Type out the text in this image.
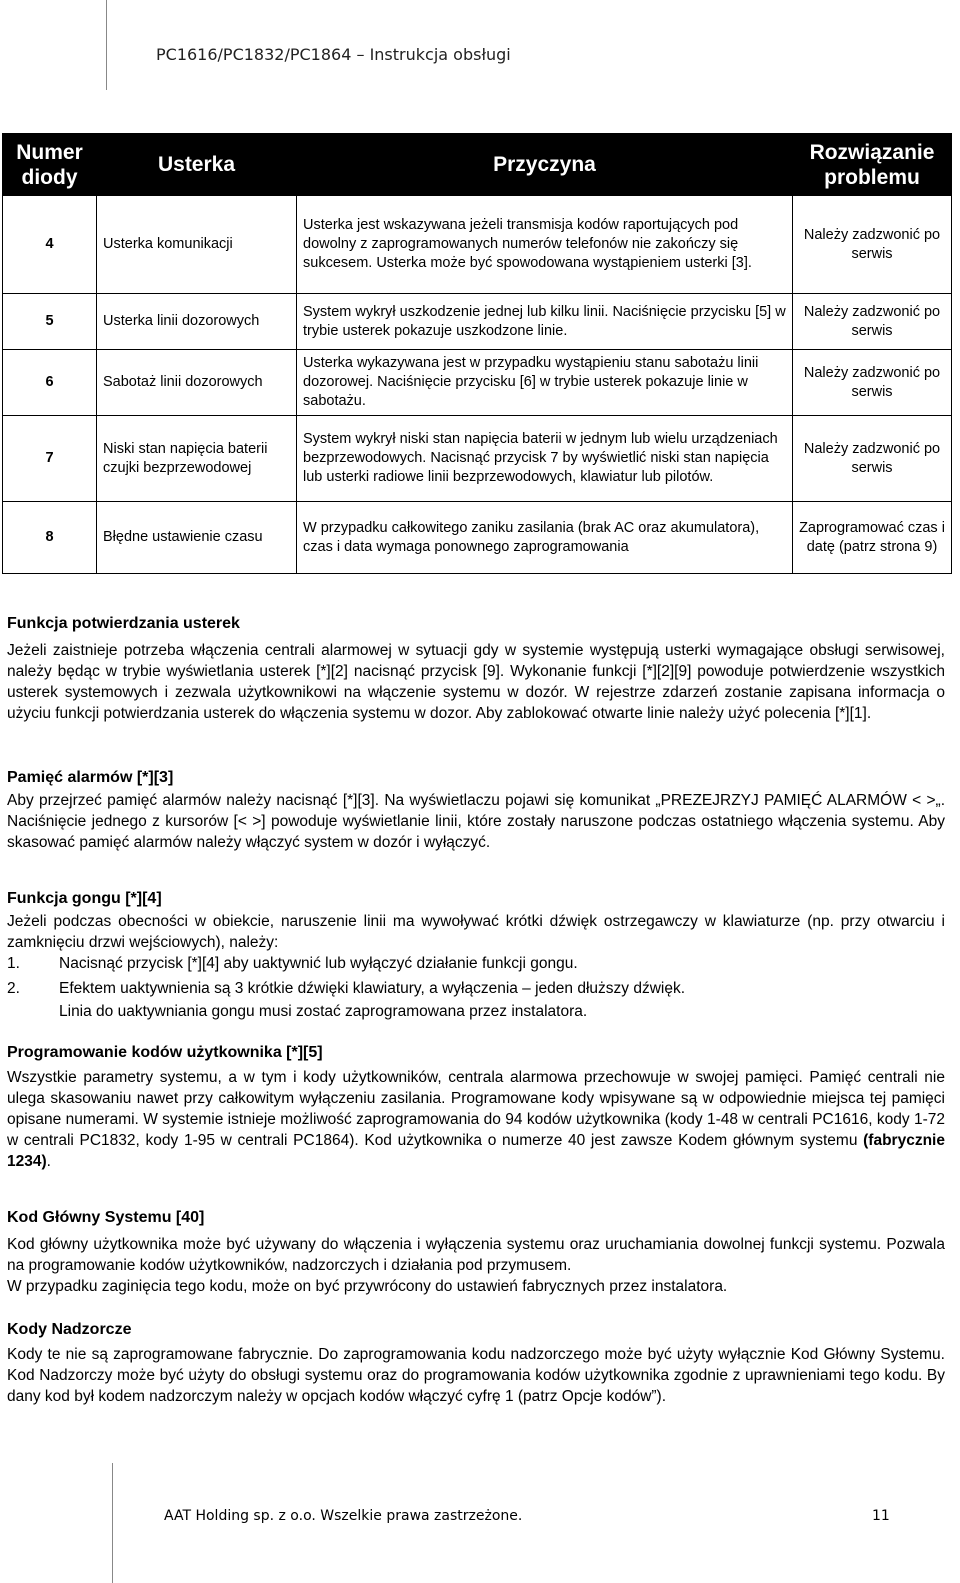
PC1616/PC1832/PC1864 – Instrukcja obsługi
Numer diody	Usterka	Przyczyna	Rozwiązanie problemu
4	Usterka komunikacji	Usterka jest wskazywana jeżeli transmisja kodów raportujących pod dowolny z zaprogramowanych numerów telefonów nie zakończy się sukcesem. Usterka może być spowodowana wystąpieniem usterki [3].	Należy zadzwonić po serwis
5	Usterka linii dozorowych	System wykrył uszkodzenie jednej lub kilku linii. Naciśnięcie przycisku [5] w trybie usterek pokazuje uszkodzone linie.	Należy zadzwonić po serwis
6	Sabotaż linii dozorowych	Usterka wykazywana jest w przypadku wystąpieniu stanu sabotażu linii dozorowej. Naciśnięcie przycisku [6] w trybie usterek pokazuje linie w sabotażu.	Należy zadzwonić po serwis
7	Niski stan napięcia baterii czujki bezprzewodowej	System wykrył niski stan napięcia baterii w jednym lub wielu urządzeniach bezprzewodowych. Nacisnąć przycisk 7 by wyświetlić niski stan napięcia lub usterki radiowe linii bezprzewodowych, klawiatur lub pilotów.	Należy zadzwonić po serwis
8	Błędne ustawienie czasu	W przypadku całkowitego zaniku zasilania (brak AC oraz akumulatora), czas i data wymaga ponownego zaprogramowania	Zaprogramować czas i datę (patrz strona 9)
Funkcja potwierdzania usterek

Jeżeli zaistnieje potrzeba włączenia centrali alarmowej w sytuacji gdy w systemie występują usterki wymagające obsługi serwisowej, należy będąc w trybie wyświetlania usterek [*][2] nacisnąć przycisk [9]. Wykonanie funkcji [*][2][9] powoduje potwierdzenie wszystkich usterek systemowych i zezwala użytkownikowi na włączenie systemu w dozór. W rejestrze zdarzeń zostanie zapisana informacja o użyciu funkcji potwierdzania usterek do włączenia systemu w dozor. Aby zablokować otwarte linie należy użyć polecenia [*][1].

Pamięć alarmów [*][3]

Aby przejrzeć pamięć alarmów należy nacisnąć [*][3]. Na wyświetlaczu pojawi się komunikat „PREZEJRZYJ PAMIĘĆ ALARMÓW < >„. Naciśnięcie jednego z kursorów [< >] powoduje wyświetlanie linii, które zostały naruszone podczas ostatniego włączenia systemu. Aby skasować pamięć alarmów należy włączyć system w dozór i wyłączyć.

Funkcja gongu [*][4]

Jeżeli podczas obecności w obiekcie, naruszenie linii ma wywoływać krótki dźwięk ostrzegawczy w klawiaturze (np. przy otwarciu i zamknięciu drzwi wejściowych), należy:

1.	Nacisnąć przycisk [*][4] aby uaktywnić lub wyłączyć działanie funkcji gongu.
2.	Efektem uaktywnienia są 3 krótkie dźwięki klawiatury, a wyłączenia – jeden dłuższy dźwięk.

Linia do uaktywniania gongu musi zostać zaprogramowana przez instalatora.

Programowanie kodów użytkownika [*][5]

Wszystkie parametry systemu, a w tym i kody użytkowników, centrala alarmowa przechowuje w swojej pamięci. Pamięć centrali nie ulega skasowaniu nawet przy całkowitym wyłączeniu zasilania. Programowane kody wpisywane są w odpowiednie miejsca tej pamięci opisane numerami. W systemie istnieje możliwość zaprogramowania do 94 kodów użytkownika (kody 1-48 w centrali PC1616, kody 1-72 w centrali PC1832, kody 1-95 w centrali PC1864). Kod użytkownika o numerze 40 jest zawsze Kodem głównym systemu (fabrycznie 1234).

Kod Główny Systemu [40]

Kod główny użytkownika może być używany do włączenia i wyłączenia systemu oraz uruchamiania dowolnej funkcji systemu. Pozwala na programowanie kodów użytkowników, nadzorczych i działania pod przymusem.

W przypadku zaginięcia tego kodu, może on być przywrócony do ustawień fabrycznych przez instalatora.

Kody Nadzorcze

Kody te nie są zaprogramowane fabrycznie. Do zaprogramowania kodu nadzorczego może być użyty wyłącznie Kod Główny Systemu. Kod Nadzorczy może być użyty do obsługi systemu oraz do programowania kodów użytkownika zgodnie z uprawnieniami tego kodu. By dany kod był kodem nadzorczym należy w opcjach kodów włączyć cyfrę 1 (patrz Opcje kodów”).

AAT Holding sp. z o.o. Wszelkie prawa zastrzeżone.	11
